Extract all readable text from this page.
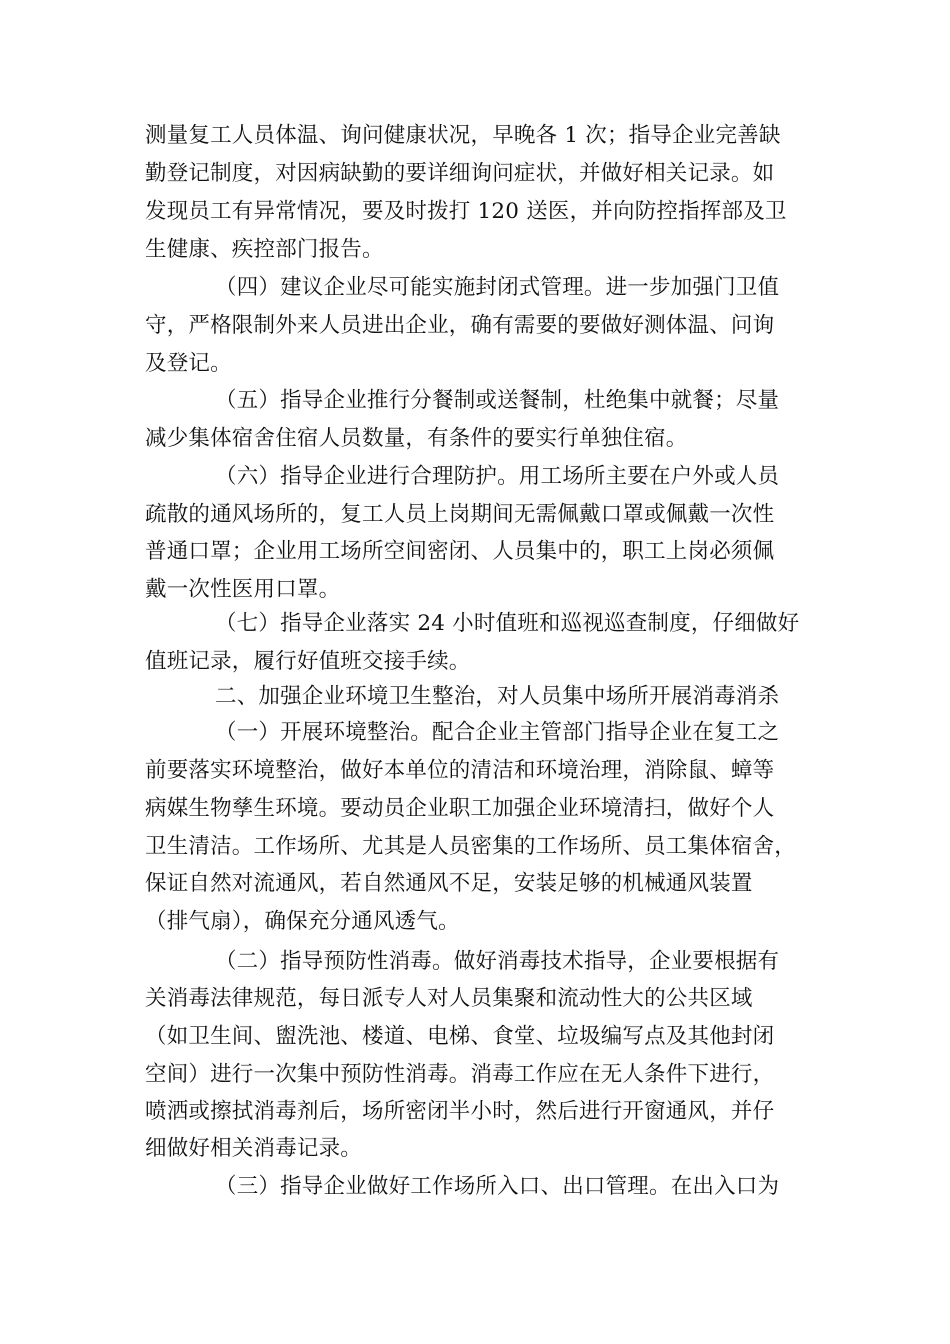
测量复工人员体温、询问健康状况，早晚各 1 次；指导企业完善缺
勤登记制度，对因病缺勤的要详细询问症状，并做好相关记录。如
发现员工有异常情况，要及时拨打 120 送医，并向防控指挥部及卫
生健康、疾控部门报告。
（四）建议企业尽可能实施封闭式管理。进一步加强门卫值
守，严格限制外来人员进出企业，确有需要的要做好测体温、问询
及登记。
（五）指导企业推行分餐制或送餐制，杜绝集中就餐；尽量
减少集体宿舍住宿人员数量，有条件的要实行单独住宿。
（六）指导企业进行合理防护。用工场所主要在户外或人员
疏散的通风场所的，复工人员上岗期间无需佩戴口罩或佩戴一次性
普通口罩；企业用工场所空间密闭、人员集中的，职工上岗必须佩
戴一次性医用口罩。
（七）指导企业落实 24 小时值班和巡视巡查制度，仔细做好
值班记录，履行好值班交接手续。
二、加强企业环境卫生整治，对人员集中场所开展消毒消杀
（一）开展环境整治。配合企业主管部门指导企业在复工之
前要落实环境整治，做好本单位的清洁和环境治理，消除鼠、蟑等
病媒生物孳生环境。要动员企业职工加强企业环境清扫，做好个人
卫生清洁。工作场所、尤其是人员密集的工作场所、员工集体宿舍，
保证自然对流通风，若自然通风不足，安装足够的机械通风装置
（排气扇），确保充分通风透气。
（二）指导预防性消毒。做好消毒技术指导，企业要根据有
关消毒法律规范，每日派专人对人员集聚和流动性大的公共区域
（如卫生间、盥洗池、楼道、电梯、食堂、垃圾编写点及其他封闭
空间）进行一次集中预防性消毒。消毒工作应在无人条件下进行，
喷洒或擦拭消毒剂后，场所密闭半小时，然后进行开窗通风，并仔
细做好相关消毒记录。
（三）指导企业做好工作场所入口、出口管理。在出入口为
